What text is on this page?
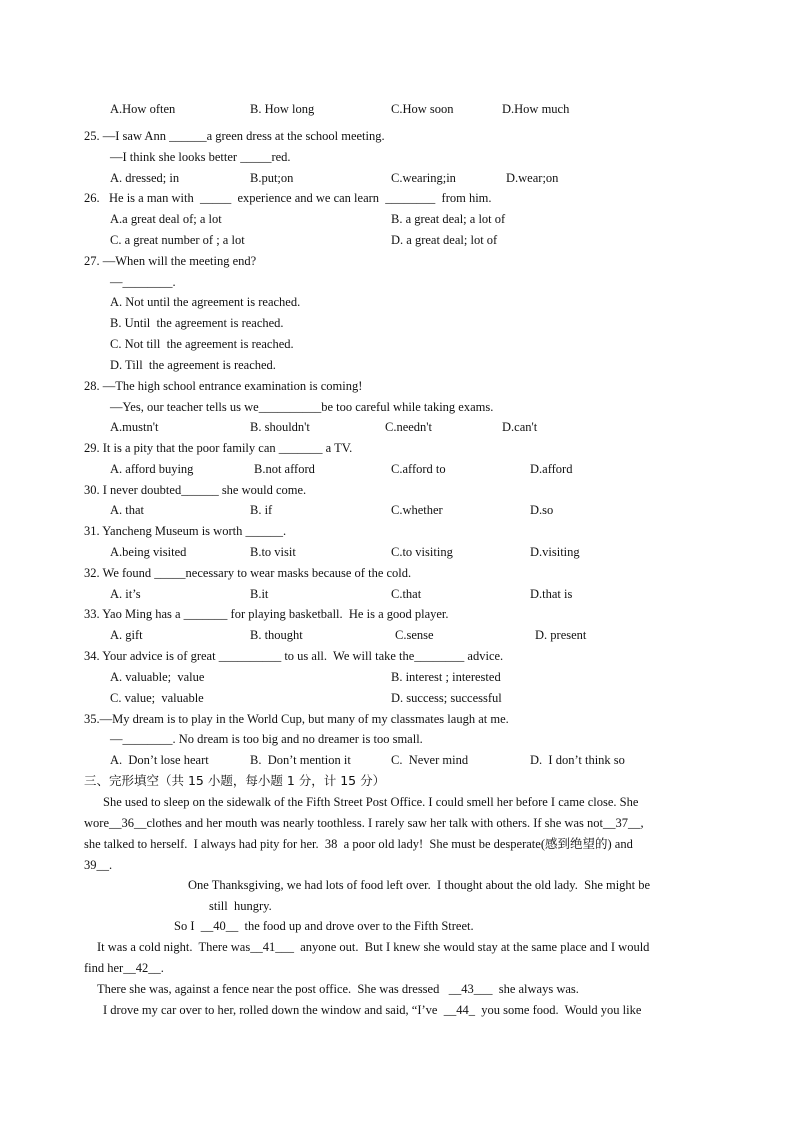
A.How often	B. How long	C.How soon	D.How much
25. —I saw Ann ______a green dress at the school meeting.
—I think she looks better _____red.
A. dressed; in	B.put;on	C.wearing;in	D.wear;on
26.   He is a man with  _____  experience and we can learn  ________  from him.
A.a great deal of; a lot	B. a great deal; a lot of
C. a great number of ; a lot	D. a great deal; lot of
27. —When will the meeting end?
—________.
A. Not until the agreement is reached.
B. Until  the agreement is reached.
C. Not till  the agreement is reached.
D. Till  the agreement is reached.
28. —The high school entrance examination is coming!
—Yes, our teacher tells us we__________be too careful while taking exams.
A.mustn't	B. shouldn't	C.needn't	D.can't
29. It is a pity that the poor family can _______ a TV.
A. afford buying	B.not afford	C.afford to	D.afford
30. I never doubted______ she would come.
A. that	B. if	C.whether	D.so
31. Yancheng Museum is worth ______.
A.being visited	B.to visit	C.to visiting	D.visiting
32. We found _____necessary to wear masks because of the cold.
A. it’s	B.it	C.that	D.that is
33. Yao Ming has a _______ for playing basketball.  He is a good player.
A. gift	B. thought	C.sense	D. present
34. Your advice is of great __________ to us all.  We will take the________ advice.
A. valuable;  value	B. interest ; interested
C. value;  valuable	D. success; successful
35.—My dream is to play in the World Cup, but many of my classmates laugh at me.
—________. No dream is too big and no dreamer is too small.
A.  Don’t lose heart	B.  Don’t mention it	C.  Never mind	D.  I don’t think so
三、完形填空（共 15 小题，每小题 1 分，计 15 分）
She used to sleep on the sidewalk of the Fifth Street Post Office. I could smell her before I came close. She
wore__36__clothes and her mouth was nearly toothless. I rarely saw her talk with others. If she was not__37__,
she talked to herself.  I always had pity for her.  38  a poor old lady!  She must be desperate(感到绝望的) and
39__.
One Thanksgiving, we had lots of food left over.  I thought about the old lady.  She might be
still  hungry.
So I  __40__  the food up and drove over to the Fifth Street.
It was a cold night.  There was__41___  anyone out.  But I knew she would stay at the same place and I would
find her__42__.
There she was, against a fence near the post office.  She was dressed   __43___  she always was.
I drove my car over to her, rolled down the window and said, “I’ve  __44_  you some food.  Would you like
